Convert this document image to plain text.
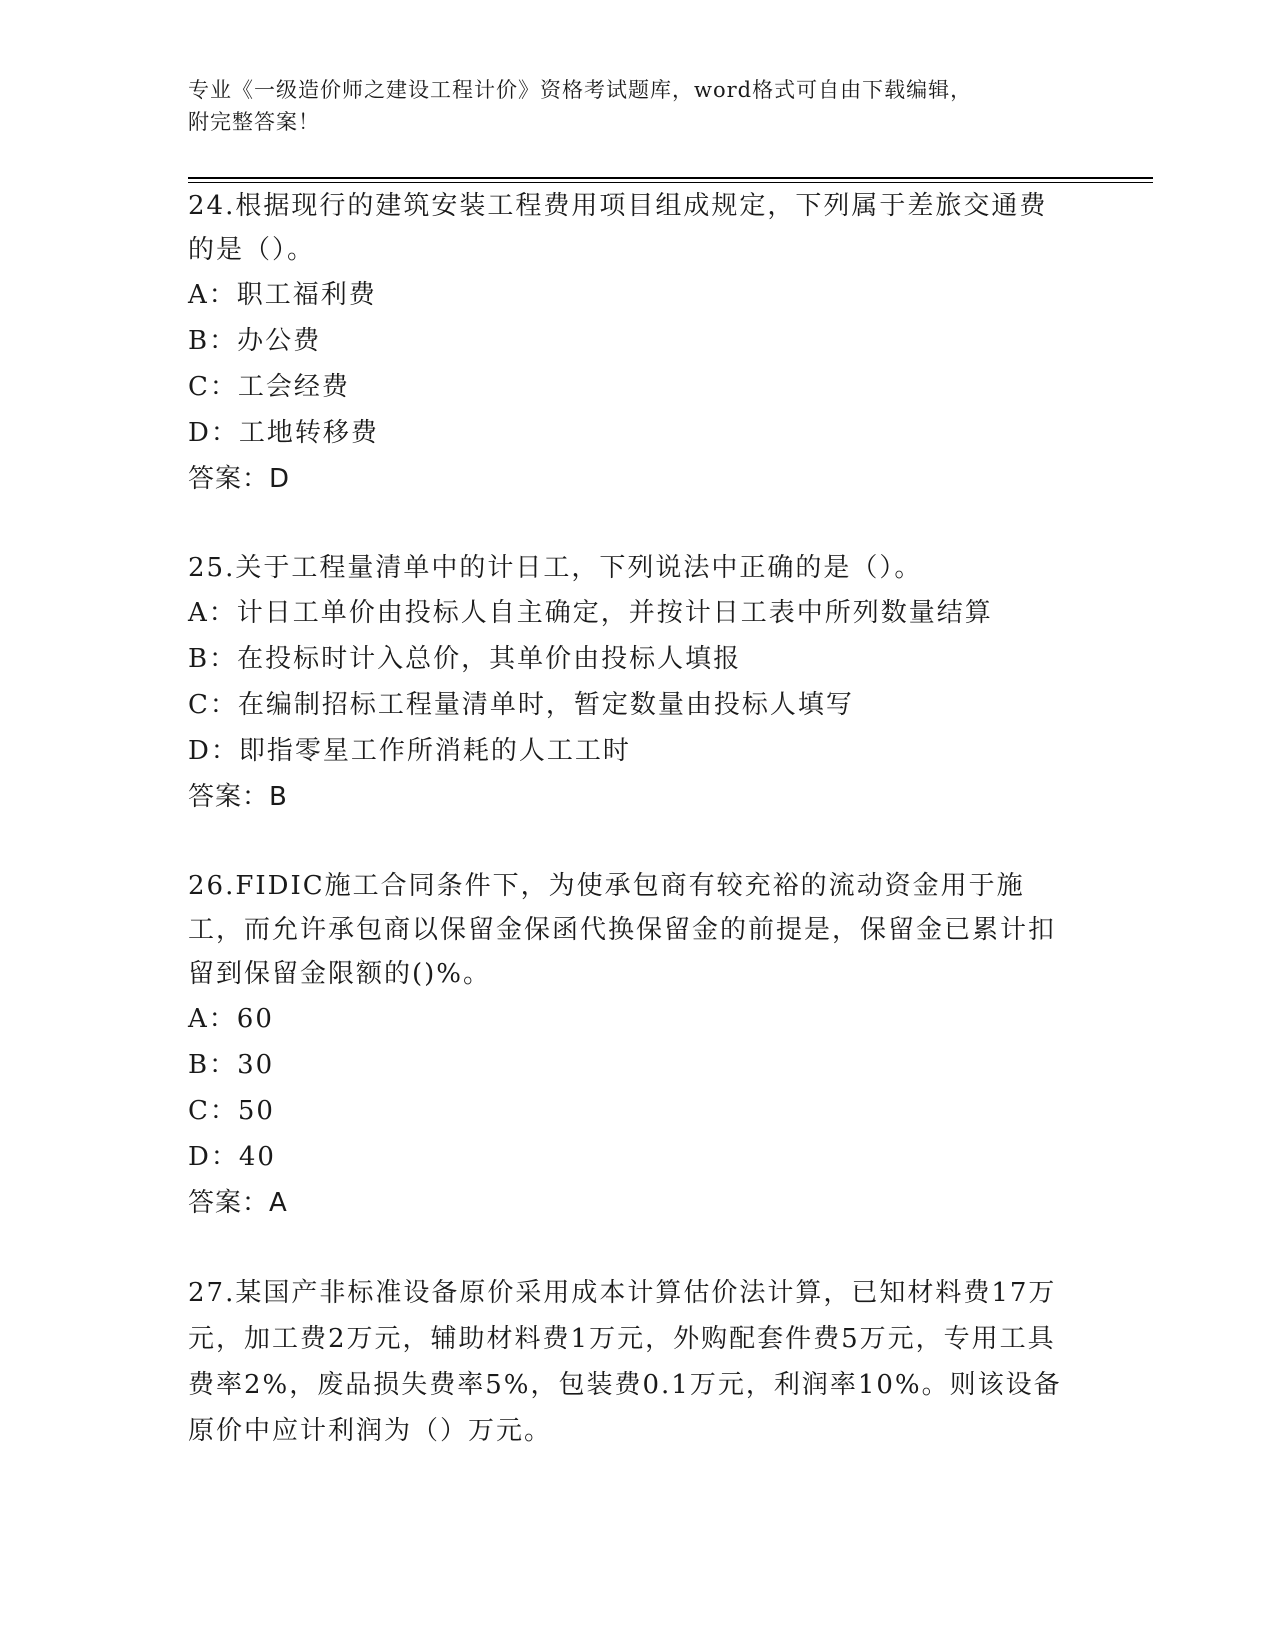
专业《一级造价师之建设工程计价》资格考试题库，word格式可自由下载编辑，
附完整答案！

24.根据现行的建筑安装工程费用项目组成规定，下列属于差旅交通费的是（）。

A：职工福利费

B：办公费

C：工会经费

D：工地转移费

答案：D

25.关于工程量清单中的计日工，下列说法中正确的是（）。

A：计日工单价由投标人自主确定，并按计日工表中所列数量结算

B：在投标时计入总价，其单价由投标人填报

C：在编制招标工程量清单时，暂定数量由投标人填写

D：即指零星工作所消耗的人工工时

答案：B

26.FIDIC施工合同条件下，为使承包商有较充裕的流动资金用于施工，而允许承包商以保留金保函代换保留金的前提是，保留金已累计扣留到保留金限额的()%。

A：60

B：30

C：50

D：40

答案：A

27.某国产非标准设备原价采用成本计算估价法计算，已知材料费17万元，加工费2万元，辅助材料费1万元，外购配套件费5万元，专用工具费率2%，废品损失费率5%，包装费0.1万元，利润率10%。则该设备原价中应计利润为（）万元。
